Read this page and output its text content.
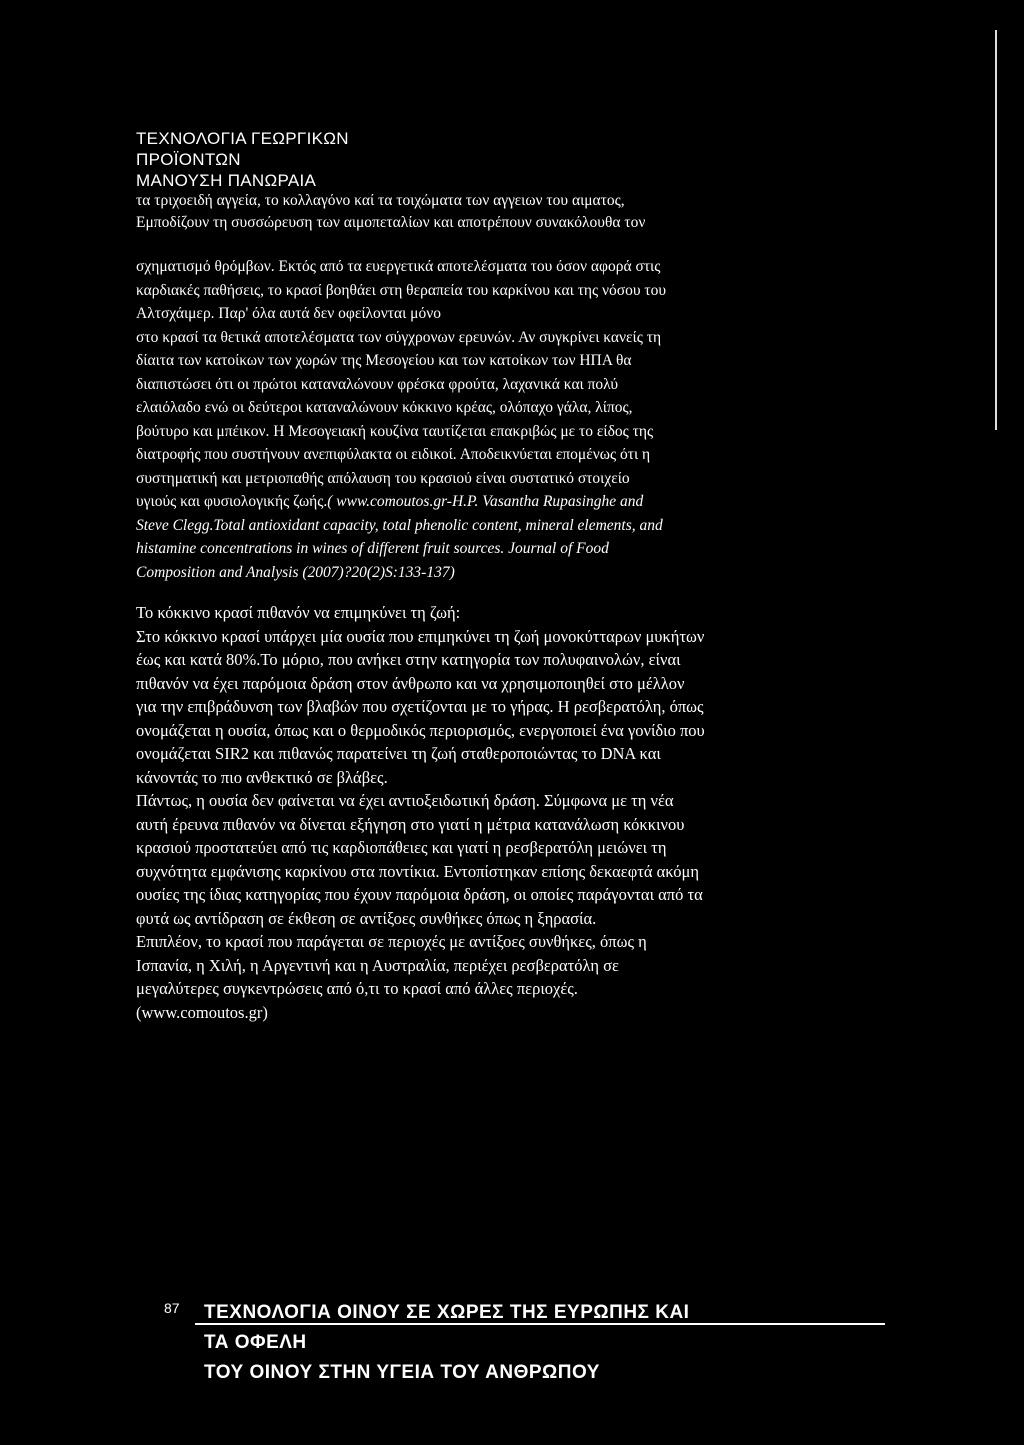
ΤΕΧΝΟΛΟΓΙΑ ΓΕΩΡΓΙΚΩΝ
ΠΡΟΪΟΝΤΩΝ
ΜΑΝΟΥΣΗ ΠΑΝΩΡΑΙΑ
τα τριχοειδή αγγεία, το κολλαγόνο καί τα τοιχώματα των αγγειων του αιματος,
Εμποδίζουν τη συσσώρευση των αιμοπεταλίων και αποτρέπουν συνακόλουθα τον
σχηματισμό θρόμβων. Εκτός από τα ευεργετικά αποτελέσματα του όσον αφορά στις
καρδιακές παθήσεις, το κρασί βοηθάει στη θεραπεία του καρκίνου και της νόσου του
Αλτσχάιμερ. Παρ' όλα αυτά δεν οφείλονται μόνο
στο κρασί τα θετικά αποτελέσματα των σύγχρονων ερευνών. Αν συγκρίνει κανείς τη
δίαιτα των κατοίκων των χωρών της Μεσογείου και των κατοίκων των ΗΠΑ θα
διαπιστώσει ότι οι πρώτοι καταναλώνουν φρέσκα φρούτα, λαχανικά και πολύ
ελαιόλαδο ενώ οι δεύτεροι καταναλώνουν κόκκινο κρέας, ολόπαχο γάλα, λίπος,
βούτυρο και μπέικον. Η Μεσογειακή κουζίνα ταυτίζεται επακριβώς με το είδος της
διατροφής που συστήνουν ανεπιφύλακτα οι ειδικοί. Αποδεικνύεται επομένως ότι η
συστηματική και μετριοπαθής απόλαυση του κρασιού είναι συστατικό στοιχείο
υγιούς και φυσιολογικής ζωής.( www.comoutos.gr-H.P. Vasantha Rupasinghe and
Steve Clegg.Total antioxidant capacity, total phenolic content, mineral elements, and
histamine concentrations in wines of different fruit sources. Journal of Food
Composition and Analysis (2007)?20(2)S:133-137)
Το κόκκινο κρασί πιθανόν να επιμηκύνει τη ζωή:
Στο κόκκινο κρασί υπάρχει μία ουσία που επιμηκύνει τη ζωή μονοκύτταρων μυκήτων
έως και κατά 80%.Το μόριο, που ανήκει στην κατηγορία των πολυφαινολών, είναι
πιθανόν να έχει παρόμοια δράση στον άνθρωπο και να χρησιμοποιηθεί στο μέλλον
για την επιβράδυνση των βλαβών που σχετίζονται με το γήρας. Η ρεσβερατόλη, όπως
ονομάζεται η ουσία, όπως και ο θερμοδικός περιορισμός, ενεργοποιεί ένα γονίδιο που
ονομάζεται SIR2 και πιθανώς παρατείνει τη ζωή σταθεροποιώντας το DNA και
κάνοντάς το πιο ανθεκτικό σε βλάβες.
Πάντως, η ουσία δεν φαίνεται να έχει αντιοξειδωτική δράση. Σύμφωνα με τη νέα
αυτή έρευνα πιθανόν να δίνεται εξήγηση στο γιατί η μέτρια κατανάλωση κόκκινου
κρασιού προστατεύει από τις καρδιοπάθειες και γιατί η ρεσβερατόλη μειώνει τη
συχνότητα εμφάνισης καρκίνου στα ποντίκια. Εντοπίστηκαν επίσης δεκαεφτά ακόμη
ουσίες της ίδιας κατηγορίας που έχουν παρόμοια δράση, οι οποίες παράγονται από τα
φυτά ως αντίδραση σε έκθεση σε αντίξοες συνθήκες όπως η ξηρασία.
Επιπλέον, το κρασί που παράγεται σε περιοχές με αντίξοες συνθήκες, όπως η
Ισπανία, η Χιλή, η Αργεντινή και η Αυστραλία, περιέχει ρεσβερατόλη σε
μεγαλύτερες συγκεντρώσεις από ό,τι το κρασί από άλλες περιοχές.
(www.comoutos.gr)
87 ΤΕΧΝΟΛΟΓΙΑ ΟΙΝΟΥ ΣΕ ΧΩΡΕΣ ΤΗΣ ΕΥΡΩΠΗΣ ΚΑΙ
ΤΑ ΟΦΕΛΗ
ΤΟΥ ΟΙΝΟΥ ΣΤΗΝ ΥΓΕΙΑ ΤΟΥ ΑΝΘΡΩΠΟΥ
